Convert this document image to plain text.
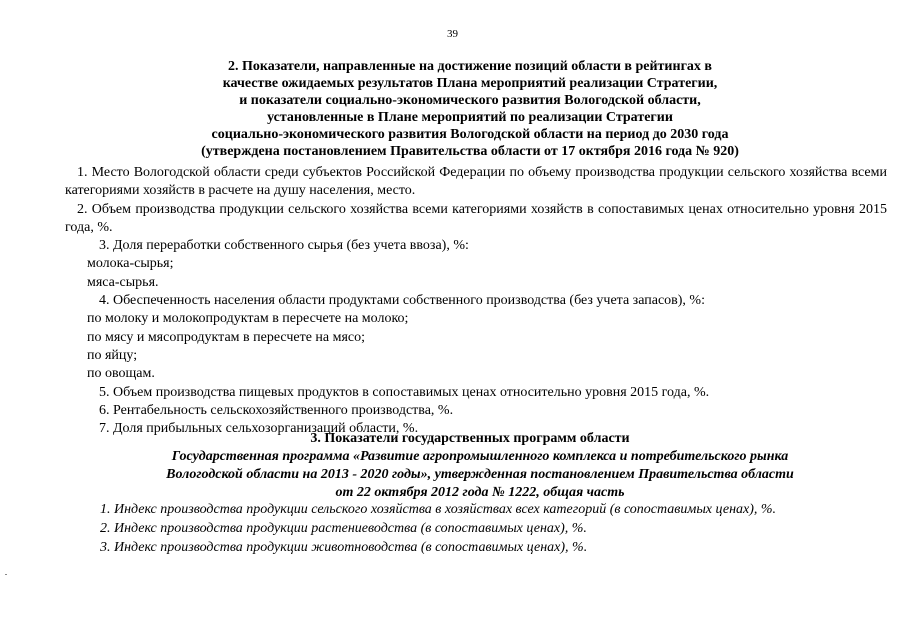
39
2. Показатели, направленные на достижение позиций области в рейтингах в
качестве ожидаемых результатов Плана мероприятий реализации Стратегии,
и показатели социально-экономического развития Вологодской области,
установленные в Плане мероприятий по реализации Стратегии
социально-экономического развития Вологодской области на период до 2030 года
(утверждена постановлением Правительства области от 17 октября 2016 года № 920)

1. Место Вологодской области среди субъектов Российской Федерации по объему производства продукции сельского хозяйства всеми категориями хозяйств в расчете на душу населения, место.

2. Объем производства продукции сельского хозяйства всеми категориями хозяйств в сопоставимых ценах относительно уровня 2015 года, %.

3. Доля переработки собственного сырья (без учета ввоза), %:

молока-сырья;

мяса-сырья.

4. Обеспеченность населения области продуктами собственного производства (без учета запасов), %:

по молоку и молокопродуктам в пересчете на молоко;

по мясу и мясопродуктам в пересчете на мясо;

по яйцу;

по овощам.

5. Объем производства пищевых продуктов в сопоставимых ценах относительно уровня 2015 года, %.

6. Рентабельность сельскохозяйственного производства, %.

7. Доля прибыльных сельхозорганизаций области, %.

3. Показатели государственных программ области
Государственная программа «Развитие агропромышленного комплекса и потребительского рынка
Вологодской области на 2013 - 2020 годы», утвержденная постановлением Правительства области
от 22 октября 2012 года № 1222, общая часть

1. Индекс производства продукции сельского хозяйства в хозяйствах всех категорий (в сопоставимых ценах), %.

2. Индекс производства продукции растениеводства (в сопоставимых ценах), %.

3. Индекс производства продукции животноводства (в сопоставимых ценах), %.
